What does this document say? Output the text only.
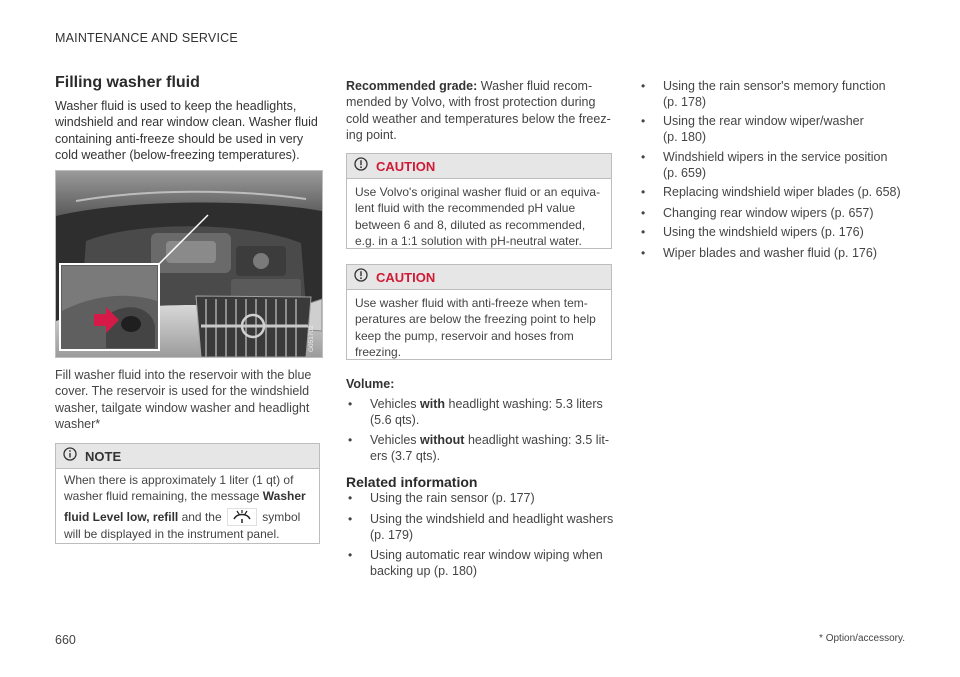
MAINTENANCE AND SERVICE
Filling washer fluid
Washer fluid is used to keep the headlights,
windshield and rear window clean. Washer fluid
containing anti-freeze should be used in very
cold weather (below-freezing temperatures).
G051702
Fill washer fluid into the reservoir with the blue
cover. The reservoir is used for the windshield
washer, tailgate window washer and headlight
washer*
NOTE
When there is approximately 1 liter (1 qt) of
washer fluid remaining, the message Washer
fluid Level low, refill and the	symbol
will be displayed in the instrument panel.
Recommended grade: Washer fluid recom-
mended by Volvo, with frost protection during
cold weather and temperatures below the freez-
ing point.
CAUTION
Use Volvo's original washer fluid or an equiva-
lent fluid with the recommended pH value
between 6 and 8, diluted as recommended,
e.g. in a 1:1 solution with pH-neutral water.
CAUTION
Use washer fluid with anti-freeze when tem-
peratures are below the freezing point to help
keep the pump, reservoir and hoses from
freezing.
Volume:
• Vehicles with headlight washing: 5.3 liters
(5.6 qts).
• Vehicles without headlight washing: 3.5 lit-
ers (3.7 qts).
Related information
• Using the rain sensor (p. 177)
• Using the windshield and headlight washers
(p. 179)
• Using automatic rear window wiping when
backing up (p. 180)
• Using the rain sensor's memory function
(p. 178)
• Using the rear window wiper/washer
(p. 180)
• Windshield wipers in the service position
(p. 659)
• Replacing windshield wiper blades (p. 658)
• Changing rear window wipers (p. 657)
• Using the windshield wipers (p. 176)
• Wiper blades and washer fluid (p. 176)
660	* Option/accessory.
